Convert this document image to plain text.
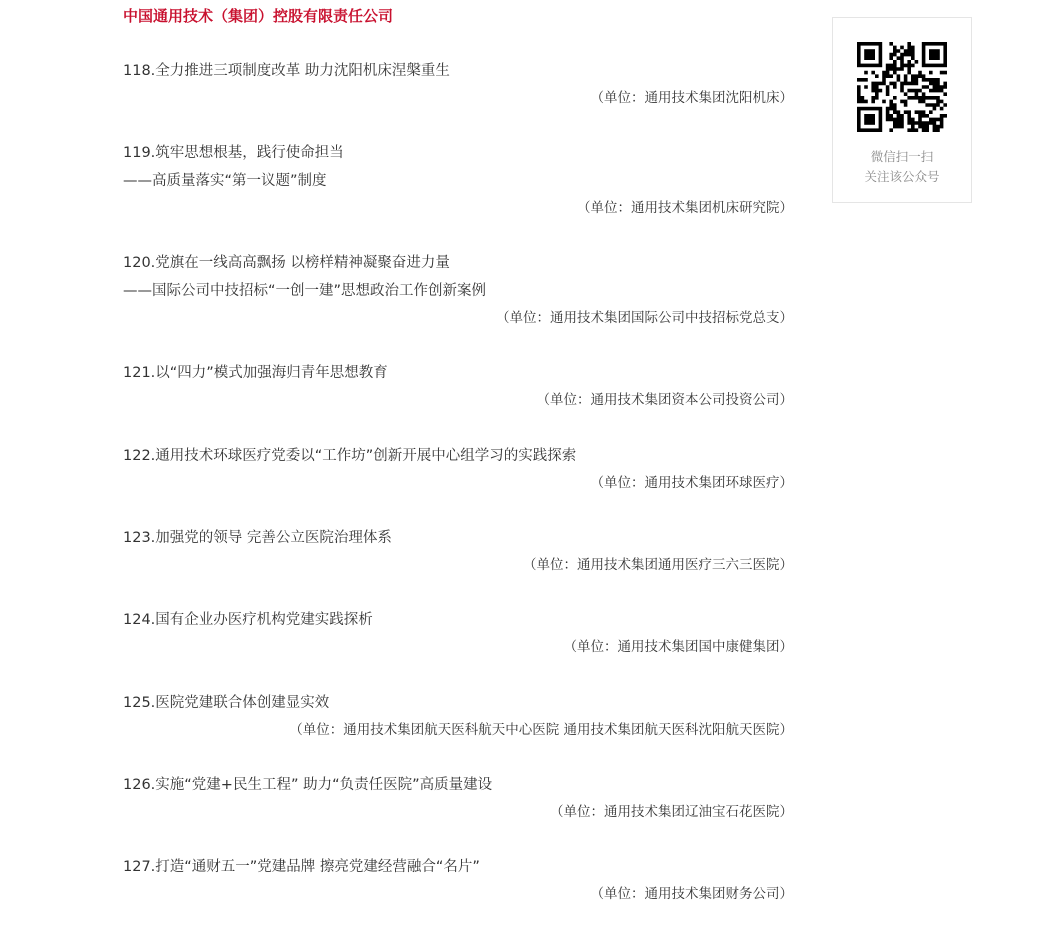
中国通用技术（集团）控股有限责任公司
118.全力推进三项制度改革 助力沈阳机床涅槃重生
（单位：通用技术集团沈阳机床）
119.筑牢思想根基，践行使命担当
——高质量落实“第一议题”制度
（单位：通用技术集团机床研究院）
120.党旗在一线高高飘扬 以榜样精神凝聚奋进力量
——国际公司中技招标“一创一建”思想政治工作创新案例
（单位：通用技术集团国际公司中技招标党总支）
121.以“四力”模式加强海归青年思想教育
（单位：通用技术集团资本公司投资公司）
122.通用技术环球医疗党委以“工作坊”创新开展中心组学习的实践探索
（单位：通用技术集团环球医疗）
123.加强党的领导 完善公立医院治理体系
（单位：通用技术集团通用医疗三六三医院）
124.国有企业办医疗机构党建实践探析
（单位：通用技术集团国中康健集团）
125.医院党建联合体创建显实效
（单位：通用技术集团航天医科航天中心医院 通用技术集团航天医科沈阳航天医院）
126.实施“党建+民生工程” 助力“负责任医院”高质量建设
（单位：通用技术集团辽油宝石花医院）
127.打造“通财五一”党建品牌 擦亮党建经营融合“名片”
（单位：通用技术集团财务公司）
微信扫一扫
关注该公众号
